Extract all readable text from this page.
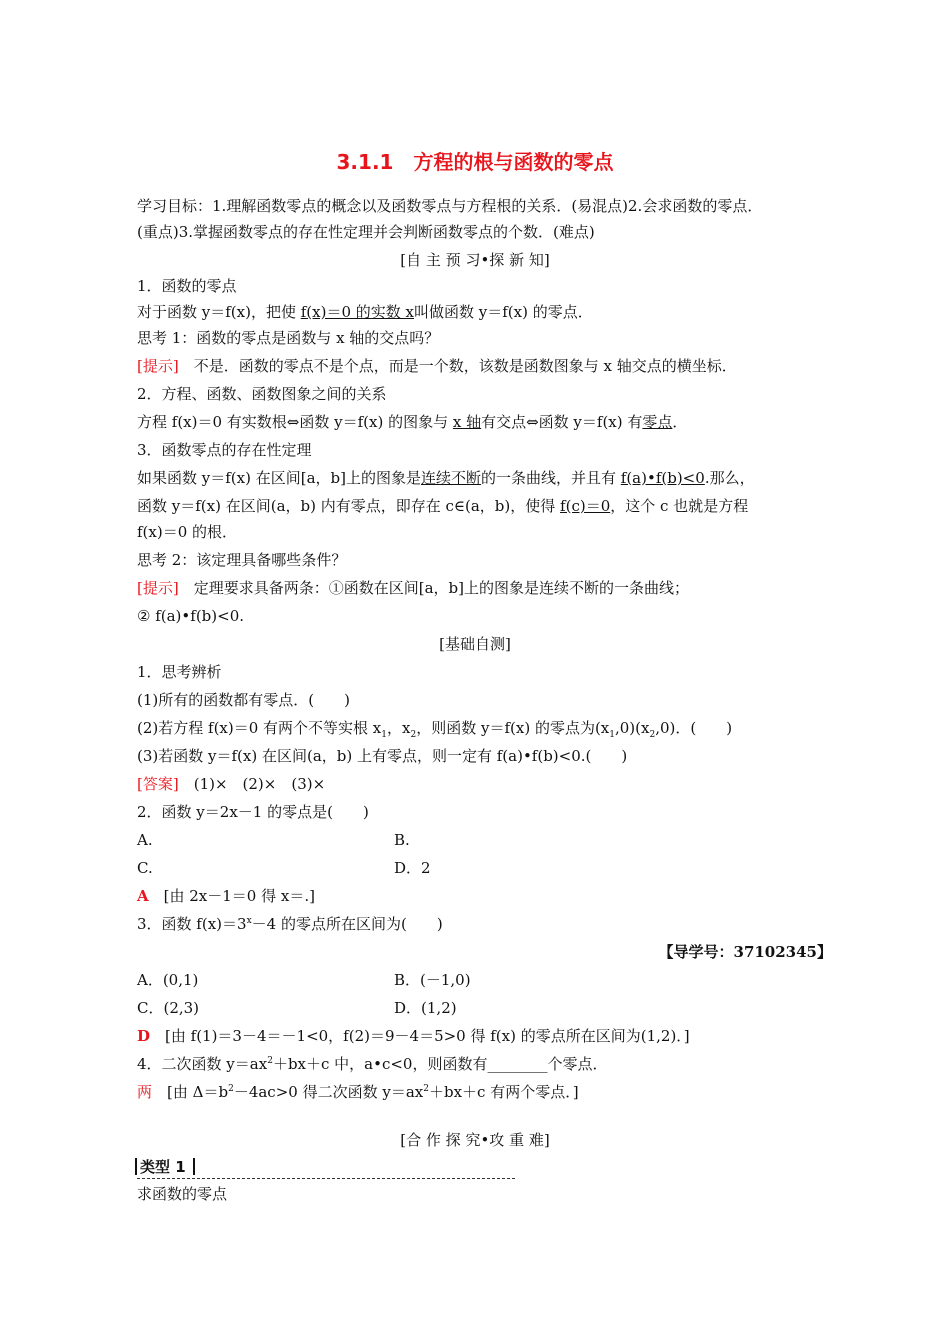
3.1.1　方程的根与函数的零点
学习目标：1.理解函数零点的概念以及函数零点与方程根的关系．(易混点)2.会求函数的零点．
(重点)3.掌握函数零点的存在性定理并会判断函数零点的个数．(难点)
[自 主 预 习•探 新 知]
1．函数的零点
对于函数 y＝f(x)，把使 f(x)＝0 的实数 x叫做函数 y＝f(x) 的零点．
思考 1：函数的零点是函数与 x 轴的交点吗？
[提示]　不是．函数的零点不是个点，而是一个数，该数是函数图象与 x 轴交点的横坐标．
2．方程、函数、函数图象之间的关系
方程 f(x)＝0 有实数根⇔函数 y＝f(x) 的图象与 x 轴有交点⇔函数 y＝f(x) 有零点．
3．函数零点的存在性定理
如果函数 y＝f(x) 在区间[a，b]上的图象是连续不断的一条曲线，并且有 f(a)•f(b)<0.那么，
函数 y＝f(x) 在区间(a，b) 内有零点，即存在 c∈(a，b)，使得 f(c)＝0，这个 c 也就是方程
f(x)＝0 的根．
思考 2：该定理具备哪些条件？
[提示]　定理要求具备两条：①函数在区间[a，b]上的图象是连续不断的一条曲线；
② f(a)•f(b)<0.
[基础自测]
1．思考辨析
(1)所有的函数都有零点．(　　)
(2)若方程 f(x)＝0 有两个不等实根 $x_1$，$x_2$，则函数 y＝f(x) 的零点为$(x_1,0)(x_2,0)$．(　　)
(3)若函数 y＝f(x) 在区间(a，b) 上有零点，则一定有 f(a)•f(b)<0.(　　)
[答案]　(1)×　(2)×　(3)×
2．函数 y＝2x－1 的零点是(　　)
A.	B.
C.	D．2
A　[由 2x－1＝0 得 x＝.]
3．函数 $f(x)=3^x-4$ 的零点所在区间为(　　)
【导学号：37102345】
A．(0,1)	B．(－1,0)
C．(2,3)	D．(1,2)
D　[由 f(1)＝3－4＝－1<0，f(2)＝9－4＝5>0 得 f(x) 的零点所在区间为(1,2)．]
4．二次函数 $y=ax^2+bx+c$ 中，a•c<0，则函数有________个零点．
两　[由 $\Delta=b^2-4ac>0$ 得二次函数 $y=ax^2+bx+c$ 有两个零点．]
[合 作 探 究•攻 重 难]
类型 1
求函数的零点
